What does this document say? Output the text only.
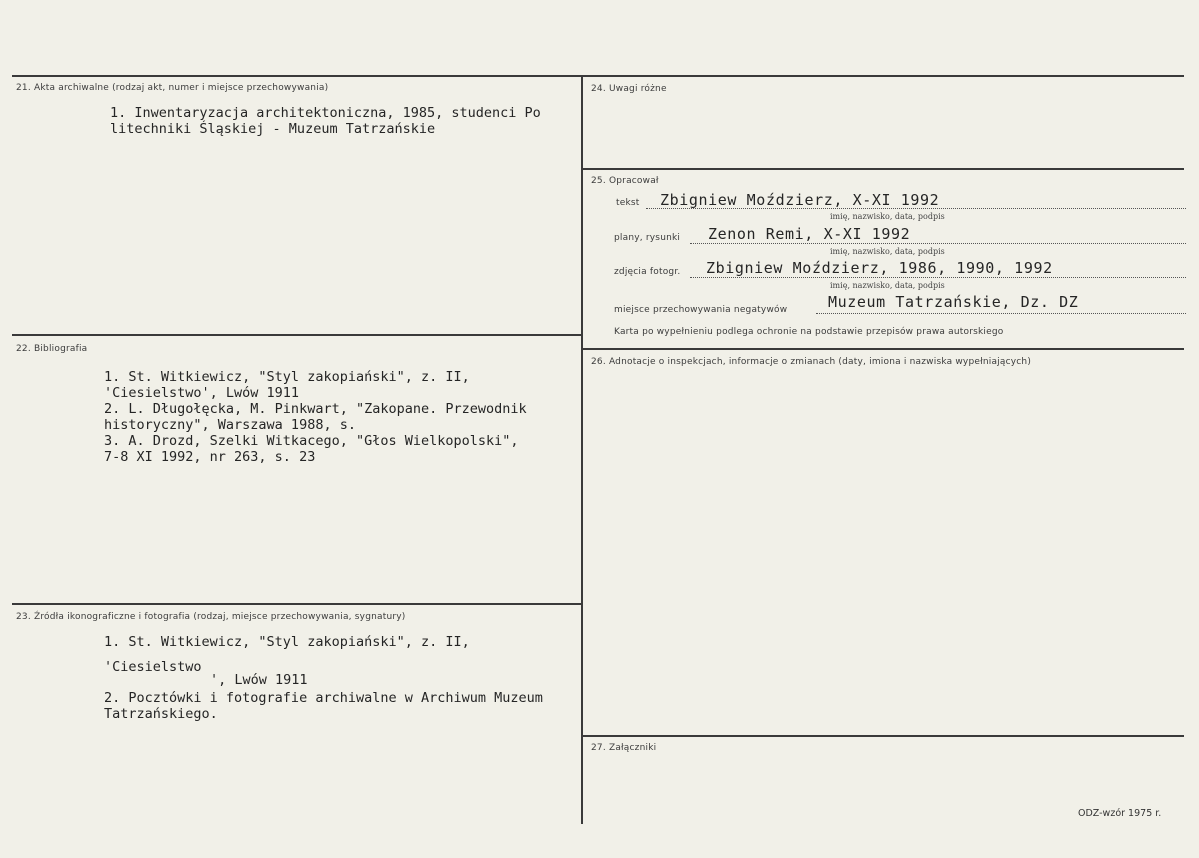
21. Akta archiwalne (rodzaj akt, numer i miejsce przechowywania)
1. Inwentaryzacja architektoniczna, 1985, studenci Po
litechniki Śląskiej - Muzeum Tatrzańskie
22. Bibliografia
1. St. Witkiewicz, "Styl zakopiański", z. II,
'Ciesielstwo', Lwów 1911
2. L. Długołęcka, M. Pinkwart, "Zakopane. Przewodnik
historyczny", Warszawa 1988, s.
3. A. Drozd, Szelki Witkacego, "Głos Wielkopolski",
7-8 XI 1992, nr 263, s. 23
23. Źródła ikonograficzne i fotografia (rodzaj, miejsce przechowywania, sygnatury)
1. St. Witkiewicz, "Styl zakopiański", z. II,
'Ciesielstwo
', Lwów 1911
2. Pocztówki i fotografie archiwalne w Archiwum Muzeum
Tatrzańskiego.
24. Uwagi różne
25. Opracował
tekst Zbigniew Moździerz, X-XI 1992
imię, nazwisko, data, podpis
plany, rysunki Zenon Remi, X-XI 1992
imię, nazwisko, data, podpis
zdjęcia fotogr. Zbigniew Moździerz, 1986, 1990, 1992
imię, nazwisko, data, podpis
miejsce przechowywania negatywów	Muzeum Tatrzańskie, Dz. DZ
Karta po wypełnieniu podlega ochronie na podstawie przepisów prawa autorskiego
26. Adnotacje o inspekcjach, informacje o zmianach (daty, imiona i nazwiska wypełniających)
27. Załączniki
ODZ-wzór 1975 r.
